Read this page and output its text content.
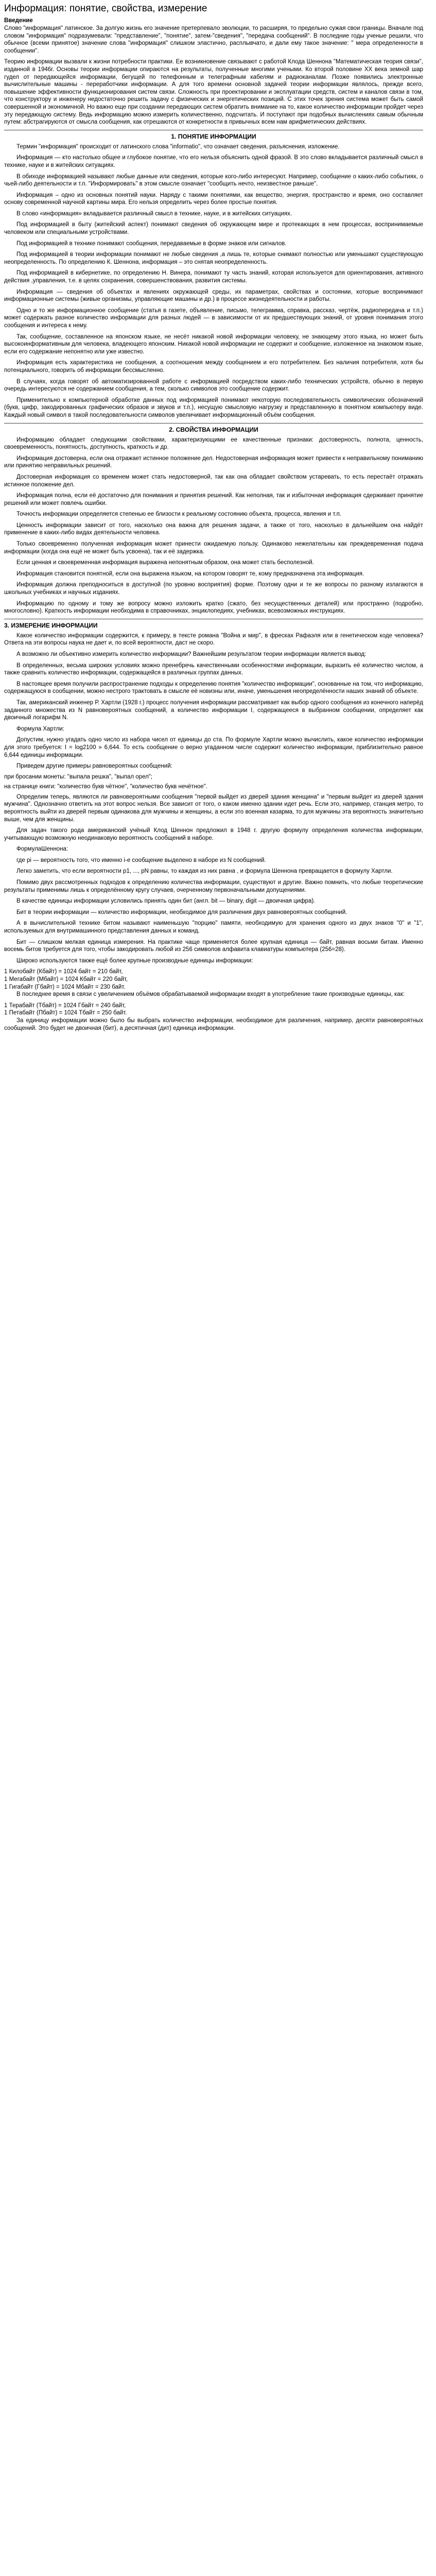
Информация: понятие, свойства, измерение
Введение

Слово "информация" латинское. За долгую жизнь его значение претерпевало эволюции, то расширяя, то предельно сужая свои границы. Вначале под словом "информация" подразумевали: "представление", "понятие", затем-"сведения", "передача сообщений". В последние годы ученые решили, что обычное (всеми принятое) значение слова "информация" слишком эластично, расплывчато, и дали ему такое значение: " мера определенности в сообщении".

Теорию информации вызвали к жизни потребности практики. Ее возникновение связывают с работой Клода Шеннона "Математическая теория связи", изданной в 1946г. Основы теории информации опираются на результаты, полученные многими учеными. Ко второй половине XX века земной шар гудел от передающейся информации, бегущей по телефонным и телеграфным кабелям и радиоканалам. Позже появились электронные вычислительные машины - переработчики информации. А для того времени основной задачей теории информации являлось, прежде всего, повышение эффективности функционирования систем связи. Сложность при проектировании и эксплуатации средств, систем и каналов связи в том, что конструктору и инженеру недостаточно решить задачу с физических и энергетических позиций. С этих точек зрения система может быть самой совершенной и экономичной. Но важно еще при создании передающих систем обратить внимание на то, какое количество информации пройдет через эту передающую систему. Ведь информацию можно измерить количественно, подсчитать. И поступают при подобных вычислениях самым обычным путем: абстрагируются от смысла сообщения, как отрешаются от конкретности в привычных всем нам арифметических действиях.

1. ПОНЯТИЕ ИНФОРМАЦИИ

Термин "информация" происходит от латинского слова "informatio", что означает сведения, разъяснения, изложение.

Информация — кто настолько общее и глубокое понятие, что его нельзя объяснить одной фразой. В это слово вкладывается различный смысл в технике, науке и в житейских ситуациях.

В обиходе информацией называют любые данные или сведения, которые кого-либо интересуют. Например, сообщение о каких-либо событиях, о чьей-либо деятельности и т.п. "Информировать" в этом смысле означает "сообщить нечто, неизвестное раньше".

Информация – одно из основных понятий науки. Наряду с такими понятиями, как вещество, энергия, пространство и время, оно составляет основу современной научной картины мира. Его нельзя определить через более простые понятия.

В слово «информация» вкладывается различный смысл в технике, науке, и в житейских ситуациях.

Под информацией в быту (житейский аспект) понимают сведения об окружающем мире и протекающих в нем процессах, воспринимаемые человеком или специальными устройствами.

Под информацией в технике понимают сообщения, передаваемые в форме знаков или сигналов.

Под информацией в теории информации понимают не любые сведения ,а лишь те, которые снимают полностью или уменьшают существующую неопределенность. По определению К. Шеннона, информация – это снятая неопределенность.

Под информацией в кибернетике, по определению Н. Винера, понимают ту часть знаний, которая используется для ориентирования, активного действия ,управления, т.е. в целях сохранения, совершенствования, развития системы.

Информация — сведения об объектах и явлениях окружающей среды, их параметрах, свойствах и состоянии, которые воспринимают информационные системы (живые организмы, управляющие машины и др.) в процессе жизнедеятельности и работы.

Одно и то же информационное сообщение (статья в газете, объявление, письмо, телеграмма, справка, рассказ, чертёж, радиопередача и т.п.) может содержать разное количество информации для разных людей — в зависимости от их предшествующих знаний, от уровня понимания этого сообщения и интереса к нему.

Так, сообщение, составленное на японском языке, не несёт никакой новой информации человеку, не знающему этого языка, но может быть высокоинформативным для человека, владеющего японским. Никакой новой информации не содержит и сообщение, изложенное на знакомом языке, если его содержание непонятно или уже известно.

Информация есть характеристика не сообщения, а соотношения между сообщением и его потребителем. Без наличия потребителя, хотя бы потенциального, говорить об информации бессмысленно.

В случаях, когда говорят об автоматизированной работе с информацией посредством каких-либо технических устройств, обычно в первую очередь интересуются не содержанием сообщения, а тем, сколько символов это сообщение содержит.

Применительно к компьютерной обработке данных под информацией понимают некоторую последовательность символических обозначений (букв, цифр, закодированных графических образов и звуков и т.п.), несущую смысловую нагрузку и представленную в понятном компьютеру виде. Каждый новый символ в такой последовательности символов увеличивает информационный объём сообщения.

2. СВОЙСТВА ИНФОРМАЦИИ

Информацию обладает следующими свойствами, характеризующими ее качественные признаки: достоверность, полнота, ценность, своевременность, понятность, доступность, краткость и др.

Информация достоверна, если она отражает истинное положение дел. Недостоверная информация может привести к неправильному пониманию или принятию неправильных решений.

Достоверная информация со временем может стать недостоверной, так как она обладает свойством устаревать, то есть перестаёт отражать истинное положение дел.

Информация полна, если её достаточно для понимания и принятия решений. Как неполная, так и избыточная информация сдерживает принятие решений или может повлечь ошибки.

Точность информации определяется степенью ее близости к реальному состоянию объекта, процесса, явления и т.п.

Ценность информации зависит от того, насколько она важна для решения задачи, а также от того, насколько в дальнейшем она найдёт применение в каких-либо видах деятельности человека.

Только своевременно полученная информация может принести ожидаемую пользу. Одинаково нежелательны как преждевременная подача информации (когда она ещё не может быть усвоена), так и её задержка.

Если ценная и своевременная информация выражена непонятным образом, она может стать бесполезной.

Информация становится понятной, если она выражена языком, на котором говорят те, кому предназначена эта информация.

Информация должна преподноситься в доступной (по уровню восприятия) форме. Поэтому одни и те же вопросы по разному излагаются в школьных учебниках и научных изданиях.

Информацию по одному и тому же вопросу можно изложить кратко (сжато, без несущественных деталей) или пространно (подробно, многословно). Краткость информации необходима в справочниках, энциклопедиях, учебниках, всевозможных инструкциях.

3. ИЗМЕРЕНИЕ ИНФОРМАЦИИ

Какое количество информации содержится, к примеру, в тексте романа "Война и мир", в фресках Рафаэля или в генетическом коде человека? Ответа на эти вопросы наука не дает и, по всей вероятности, даст не скоро.

А возможно ли объективно измерить количество информации? Важнейшим результатом теории информации является вывод:

В определенных, весьма широких условиях можно пренебречь качественными особенностями информации, выразить её количество числом, а также сравнить количество информации, содержащейся в различных группах данных.

В настоящее время получили распространение подходы к определению понятия "количество информации", основанные на том, что информацию, содержащуюся в сообщении, можно нестрого трактовать в смысле её новизны или, иначе, уменьшения неопределённости наших знаний об объекте.

Так, американский инженер Р. Хартли (1928 г.) процесс получения информации рассматривает как выбор одного сообщения из конечного наперёд заданного множества из N равновероятных сообщений, а количество информации I, содержащееся в выбранном сообщении, определяет как двоичный логарифм N.

Формула Хартли:

Допустим, нужно угадать одно число из набора чисел от единицы до ста. По формуле Хартли можно вычислить, какое количество информации для этого требуется: I = log2100 » 6,644. То есть сообщение о верно угаданном числе содержит количество информации, приблизительно равное 6,644 единицы информации.

Приведем другие примеры равновероятных сообщений:

при бросании монеты: "выпала решка", "выпал орел";
на странице книги: "количество букв чётное", "количество букв нечётное".

Определим теперь, являются ли равновероятными сообщения "первой выйдет из дверей здания женщина" и "первым выйдет из дверей здания мужчина". Однозначно ответить на этот вопрос нельзя. Все зависит от того, о каком именно здании идет речь. Если это, например, станция метро, то вероятность выйти из дверей первым одинакова для мужчины и женщины, а если это военная казарма, то для мужчины эта вероятность значительно выше, чем для женщины.

Для задач такого рода американский учёный Клод Шеннон предложил в 1948 г. другую формулу определения количества информации, учитывающую возможную неодинаковую вероятность сообщений в наборе.

ФормулаШеннона:

где pi — вероятность того, что именно i-е сообщение выделено в наборе из N сообщений.

Легко заметить, что если вероятности p1, ..., pN равны, то каждая из них равна , и формула Шеннона превращается в формулу Хартли.

Помимо двух рассмотренных подходов к определению количества информации, существуют и другие. Важно помнить, что любые теоретические результаты применимы лишь к определённому кругу случаев, очерченному первоначальными допущениями.

В качестве единицы информации условились принять один бит (англ. bit — binary, digit — двоичная цифра).

Бит в теории информации — количество информации, необходимое для различения двух равновероятных сообщений.

А в вычислительной технике битом называют наименьшую "порцию" памяти, необходимую для хранения одного из двух знаков "0" и "1", используемых для внутримашинного представления данных и команд.

Бит — слишком мелкая единица измерения. На практике чаще применяется более крупная единица — байт, равная восьми битам. Именно восемь битов требуется для того, чтобы закодировать любой из 256 символов алфавита клавиатуры компьютера (256=28).

Широко используются также ещё более крупные производные единицы информации:

1 Килобайт (Кбайт) = 1024 байт = 210 байт,
1 Мегабайт (Мбайт) = 1024 Кбайт = 220 байт,
1 Гигабайт (Гбайт) = 1024 Мбайт = 230 байт.

В последнее время в связи с увеличением объёмов обрабатываемой информации входят в употребление такие производные единицы, как:

1 Терабайт (Тбайт) = 1024 Гбайт = 240 байт,
1 Петабайт (Пбайт) = 1024 Тбайт = 250 байт.

За единицу информации можно было бы выбрать количество информации, необходимое для различения, например, десяти равновероятных сообщений. Это будет не двоичная (бит), а десятичная (дит) единица информации.
